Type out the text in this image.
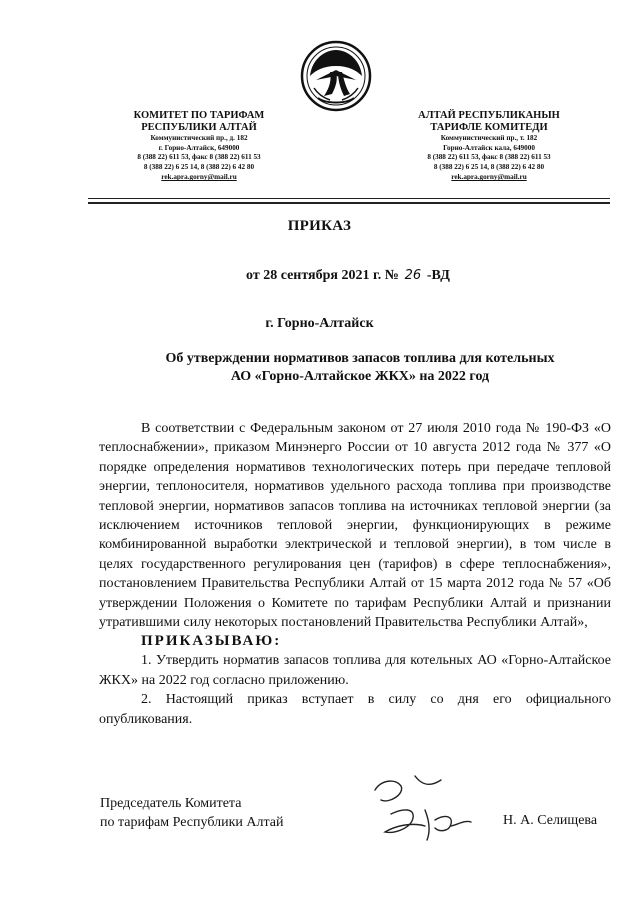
КОМИТЕТ ПО ТАРИФАМ
РЕСПУБЛИКИ АЛТАЙ
Коммунистический пр., д. 182
г. Горно-Алтайск, 649000
8 (388 22) 611 53, факс 8 (388 22) 611 53
8 (388 22) 6 25 14, 8 (388 22) 6 42 80
rek.apra.gorny@mail.ru
АЛТАЙ РЕСПУБЛИКАНЫН
ТАРИФЛЕ КОМИТЕДИ
Коммунистический пр., т. 182
Горно-Алтайск кала, 649000
8 (388 22) 611 53, факс 8 (388 22) 611 53
8 (388 22) 6 25 14, 8 (388 22) 6 42 80
rek.apra.gorny@mail.ru
ПРИКАЗ
от 28 сентября 2021 г. № 26 -ВД
г. Горно-Алтайск
Об утверждении нормативов запасов топлива для котельных
АО «Горно-Алтайское ЖКХ» на 2022 год

В соответствии с Федеральным законом от 27 июля 2010 года № 190-ФЗ «О теплоснабжении», приказом Минэнерго России от 10 августа 2012 года № 377 «О порядке определения нормативов технологических потерь при передаче тепловой энергии, теплоносителя, нормативов удельного расхода топлива при производстве тепловой энергии, нормативов запасов топлива на источниках тепловой энергии (за исключением источников тепловой энергии, функционирующих в режиме комбинированной выработки электрической и тепловой энергии), в том числе в целях государственного регулирования цен (тарифов) в сфере теплоснабжения», постановлением Правительства Республики Алтай от 15 марта 2012 года № 57 «Об утверждении Положения о Комитете по тарифам Республики Алтай и признании утратившими силу некоторых постановлений Правительства Республики Алтай»,

ПРИКАЗЫВАЮ:

1. Утвердить норматив запасов топлива для котельных АО «Горно-Алтайское ЖКХ» на 2022 год согласно приложению.

2. Настоящий приказ вступает в силу со дня его официального опубликования.

Председатель Комитета
по тарифам Республики Алтай	Н. А. Селищева
